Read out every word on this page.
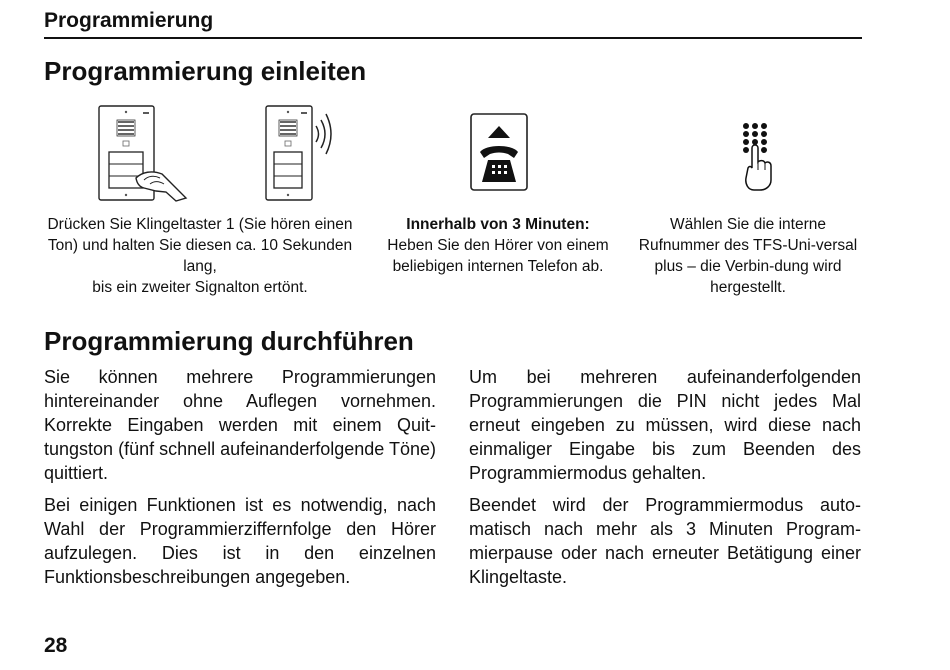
Programmierung
Programmierung einleiten
Drücken Sie Klingeltaster 1 (Sie hören einen Ton) und halten Sie diesen ca. 10 Sekunden lang,
bis ein zweiter Signalton ertönt.
Innerhalb von 3 Minuten:
Heben Sie den Hörer von einem beliebigen internen Telefon ab.
Wählen Sie die interne Rufnummer des TFS-Uni-versal plus – die Verbin-dung wird hergestellt.
Programmierung durchführen

Sie können mehrere Programmierungen hintereinander ohne Auflegen vornehmen. Korrekte Eingaben werden mit einem Quit-tungston (fünf schnell aufeinanderfolgende Töne) quittiert.

Bei einigen Funktionen ist es notwendig, nach Wahl der Programmierziffernfolge den Hörer aufzulegen. Dies ist in den einzelnen Funktionsbeschreibungen angegeben.

Um bei mehreren aufeinanderfolgenden Programmierungen die PIN nicht jedes Mal erneut eingeben zu müssen, wird diese nach einmaliger Eingabe bis zum Beenden des Programmiermodus gehalten.

Beendet wird der Programmiermodus auto-matisch nach mehr als 3 Minuten Program-mierpause oder nach erneuter Betätigung einer Klingeltaste.

28
